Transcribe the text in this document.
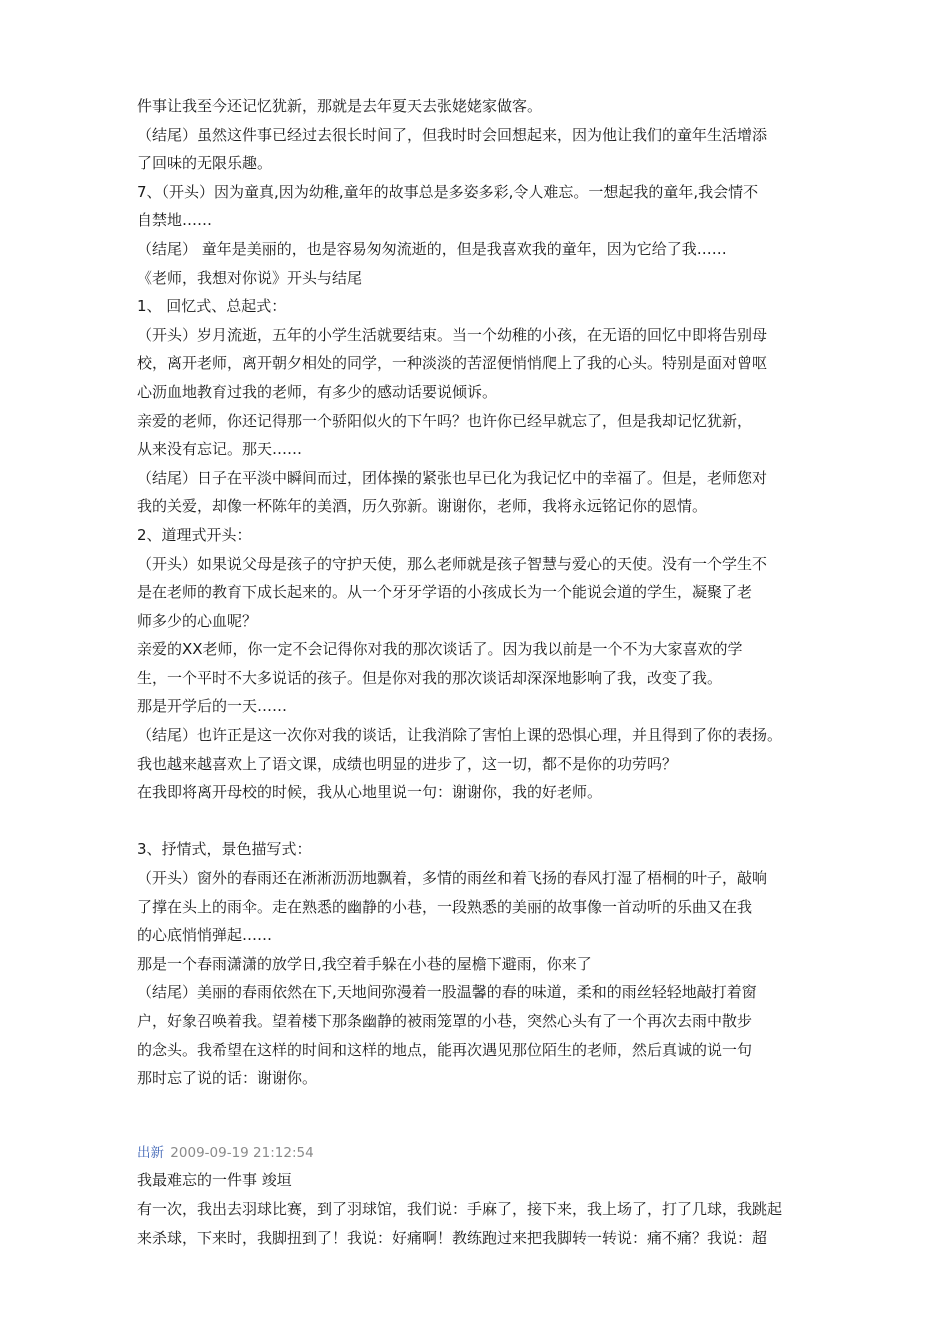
件事让我至今还记忆犹新，那就是去年夏天去张姥姥家做客。
（结尾）虽然这件事已经过去很长时间了，但我时时会回想起来，因为他让我们的童年生活增添
了回味的无限乐趣。
7、（开头）因为童真,因为幼稚,童年的故事总是多姿多彩,令人难忘。一想起我的童年,我会情不
自禁地……
（结尾） 童年是美丽的，也是容易匆匆流逝的，但是我喜欢我的童年，因为它给了我……
《老师，我想对你说》开头与结尾
1、 回忆式、总起式：
（开头）岁月流逝，五年的小学生活就要结束。当一个幼稚的小孩，在无语的回忆中即将告别母
校，离开老师，离开朝夕相处的同学，一种淡淡的苦涩便悄悄爬上了我的心头。特别是面对曾呕
心沥血地教育过我的老师，有多少的感动话要说倾诉。
亲爱的老师，你还记得那一个骄阳似火的下午吗？也许你已经早就忘了，但是我却记忆犹新，
从来没有忘记。那天……
（结尾）日子在平淡中瞬间而过，团体操的紧张也早已化为我记忆中的幸福了。但是，老师您对
我的关爱，却像一杯陈年的美酒，历久弥新。谢谢你，老师，我将永远铭记你的恩情。
2、道理式开头：
（开头）如果说父母是孩子的守护天使，那么老师就是孩子智慧与爱心的天使。没有一个学生不
是在老师的教育下成长起来的。从一个牙牙学语的小孩成长为一个能说会道的学生，凝聚了老
师多少的心血呢？
亲爱的XX老师，你一定不会记得你对我的那次谈话了。因为我以前是一个不为大家喜欢的学
生，一个平时不大多说话的孩子。但是你对我的那次谈话却深深地影响了我，改变了我。
那是开学后的一天……
（结尾）也许正是这一次你对我的谈话，让我消除了害怕上课的恐惧心理，并且得到了你的表扬。
我也越来越喜欢上了语文课，成绩也明显的进步了，这一切，都不是你的功劳吗？
在我即将离开母校的时候，我从心地里说一句：谢谢你，我的好老师。
3、抒情式，景色描写式：
（开头）窗外的春雨还在淅淅沥沥地飘着，多情的雨丝和着飞扬的春风打湿了梧桐的叶子，敲响
了撑在头上的雨伞。走在熟悉的幽静的小巷，一段熟悉的美丽的故事像一首动听的乐曲又在我
的心底悄悄弹起……
那是一个春雨潇潇的放学日,我空着手躲在小巷的屋檐下避雨，你来了
（结尾）美丽的春雨依然在下,天地间弥漫着一股温馨的春的味道，柔和的雨丝轻轻地敲打着窗
户，好象召唤着我。望着楼下那条幽静的被雨笼罩的小巷，突然心头有了一个再次去雨中散步
的念头。我希望在这样的时间和这样的地点，能再次遇见那位陌生的老师，然后真诚的说一句
那时忘了说的话：谢谢你。
出新 2009-09-19 21:12:54
我最难忘的一件事 竣垣
有一次，我出去羽球比赛，到了羽球馆，我们说：手麻了，接下来，我上场了，打了几球，我跳起
来杀球，下来时，我脚扭到了！我说：好痛啊！教练跑过来把我脚转一转说：痛不痛？我说：超
